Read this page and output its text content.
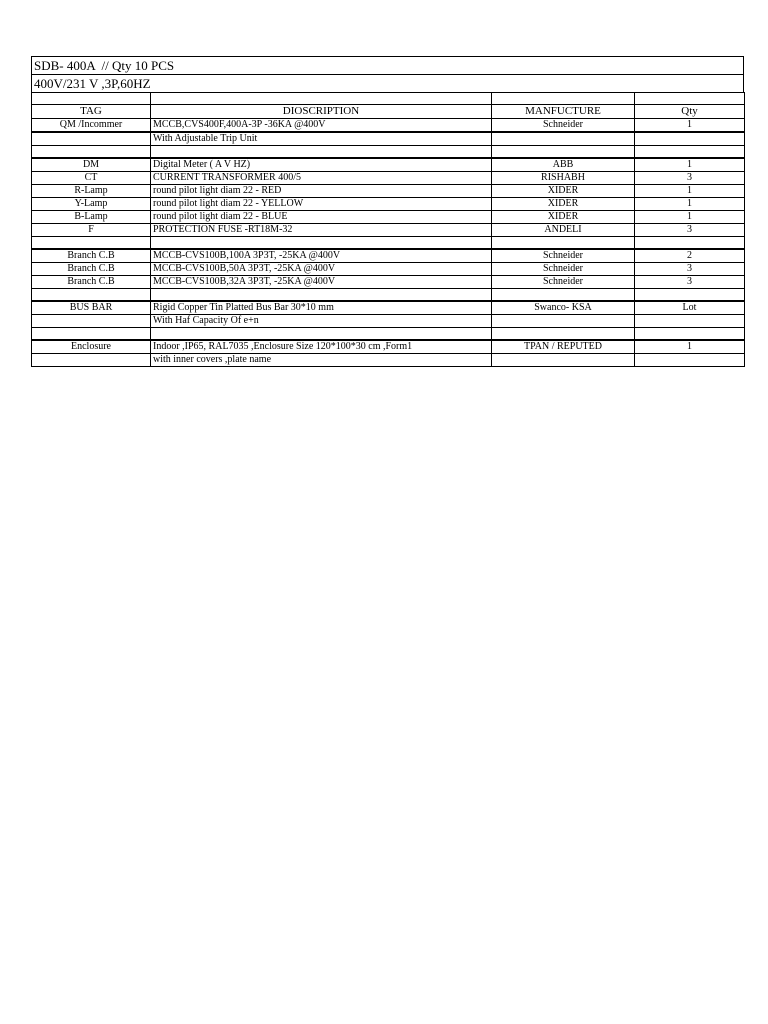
SDB- 400A  // Qty 10 PCS
400V/231 V ,3P,60HZ

TAG	DIOSCRIPTION	MANFUCTURE	Qty
QM /Incommer	MCCB,CVS400F,400A-3P -36KA @400V	Schneider	1
	With Adjustable Trip Unit		

DM	Digital Meter ( A V HZ)	ABB	1
CT	CURRENT TRANSFORMER 400/5	RISHABH	3
R-Lamp	round pilot light diam 22 - RED	XIDER	1
Y-Lamp	round pilot light diam 22 - YELLOW	XIDER	1
B-Lamp	round pilot light diam 22 - BLUE	XIDER	1
F	PROTECTION FUSE -RT18M-32	ANDELI	3

Branch C.B	MCCB-CVS100B,100A 3P3T, -25KA @400V	Schneider	2
Branch C.B	MCCB-CVS100B,50A 3P3T, -25KA @400V	Schneider	3
Branch C.B	MCCB-CVS100B,32A 3P3T, -25KA @400V	Schneider	3

BUS BAR	Rigid Copper Tin Platted Bus Bar 30*10 mm	Swanco- KSA	Lot
	With Haf Capacity Of e+n		

Enclosure	Indoor ,IP65, RAL7035 ,Enclosure Size 120*100*30 cm ,Form1	TPAN / REPUTED	1
	with inner covers ,plate name		
